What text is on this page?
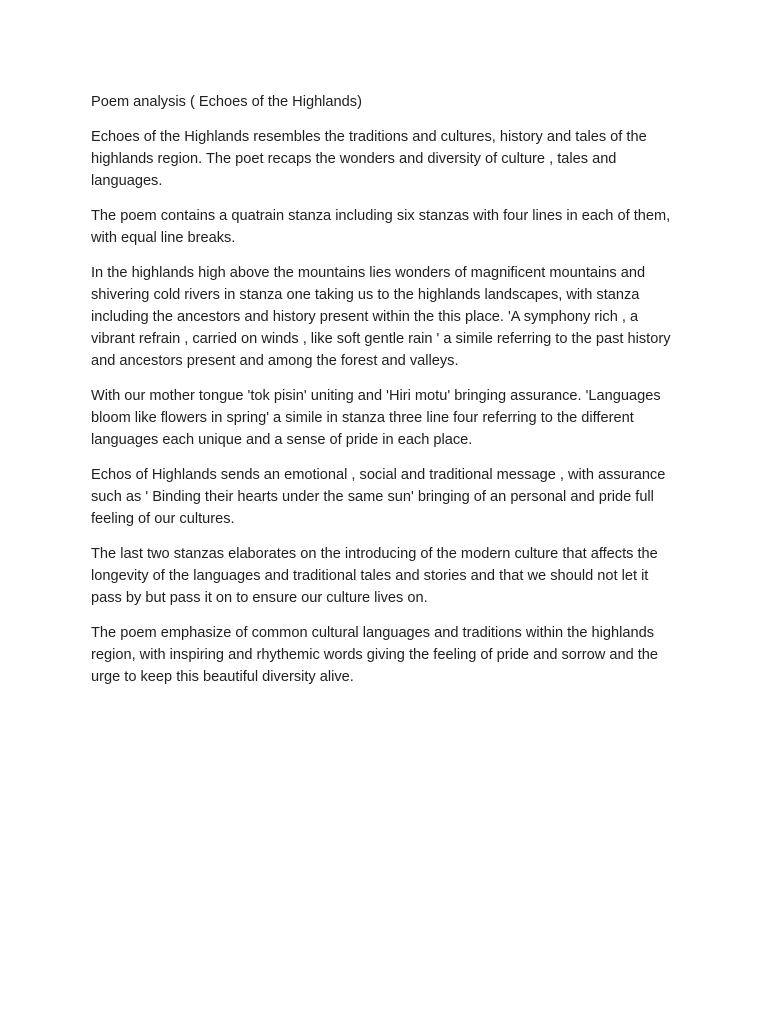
Poem analysis ( Echoes of the Highlands)

Echoes of the Highlands resembles the traditions and cultures, history and tales of the highlands region. The poet recaps the wonders and diversity of culture , tales and languages.

The poem contains a quatrain stanza including six stanzas with four lines in each of them, with equal line breaks.

In the highlands high above the mountains lies wonders of magnificent mountains and shivering cold rivers in stanza one taking us to the highlands landscapes, with stanza including the ancestors and history present within the this place. 'A symphony rich , a vibrant refrain , carried on winds , like soft gentle rain ' a simile referring to the past history and ancestors present and among the forest and valleys.

With our mother tongue 'tok pisin' uniting and 'Hiri motu' bringing assurance. 'Languages bloom like flowers in spring' a simile in stanza three line four referring to the different languages each unique and a sense of pride in each place.

Echos of Highlands sends an emotional , social and traditional message , with assurance such as ' Binding their hearts under the same sun' bringing of an personal and pride full feeling of our cultures.

The last two stanzas elaborates on the introducing of the modern culture that affects the longevity of the languages and traditional tales and stories and that we should not let it pass by but pass it on to ensure our culture lives on.

The poem emphasize of common cultural languages and traditions within the highlands region, with inspiring and rhythemic words giving the feeling of pride and sorrow and the urge to keep this beautiful diversity alive.
